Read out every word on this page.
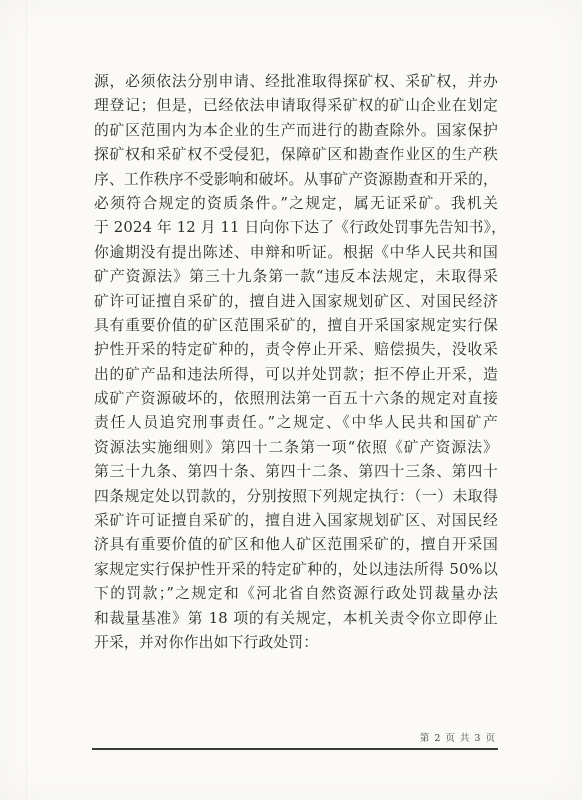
源，必须依法分别申请、经批准取得探矿权、采矿权，并办
理登记；但是，已经依法申请取得采矿权的矿山企业在划定
的矿区范围内为本企业的生产而进行的勘查除外。国家保护
探矿权和采矿权不受侵犯，保障矿区和勘查作业区的生产秩
序、工作秩序不受影响和破坏。从事矿产资源勘查和开采的，
必须符合规定的资质条件。”之规定，属无证采矿。我机关
于 2024 年 12 月 11 日向你下达了《行政处罚事先告知书》，
你逾期没有提出陈述、申辩和听证。根据《中华人民共和国
矿产资源法》第三十九条第一款“违反本法规定，未取得采
矿许可证擅自采矿的，擅自进入国家规划矿区、对国民经济
具有重要价值的矿区范围采矿的，擅自开采国家规定实行保
护性开采的特定矿种的，责令停止开采、赔偿损失，没收采
出的矿产品和违法所得，可以并处罚款；拒不停止开采，造
成矿产资源破坏的，依照刑法第一百五十六条的规定对直接
责任人员追究刑事责任。”之规定、《中华人民共和国矿产
资源法实施细则》第四十二条第一项“依照《矿产资源法》
第三十九条、第四十条、第四十二条、第四十三条、第四十
四条规定处以罚款的，分别按照下列规定执行：（一）未取得
采矿许可证擅自采矿的，擅自进入国家规划矿区、对国民经
济具有重要价值的矿区和他人矿区范围采矿的，擅自开采国
家规定实行保护性开采的特定矿种的，处以违法所得 50%以
下的罚款；”之规定和《河北省自然资源行政处罚裁量办法
和裁量基准》第 18 项的有关规定，本机关责令你立即停止
开采，并对你作出如下行政处罚：
第 2 页 共 3 页
